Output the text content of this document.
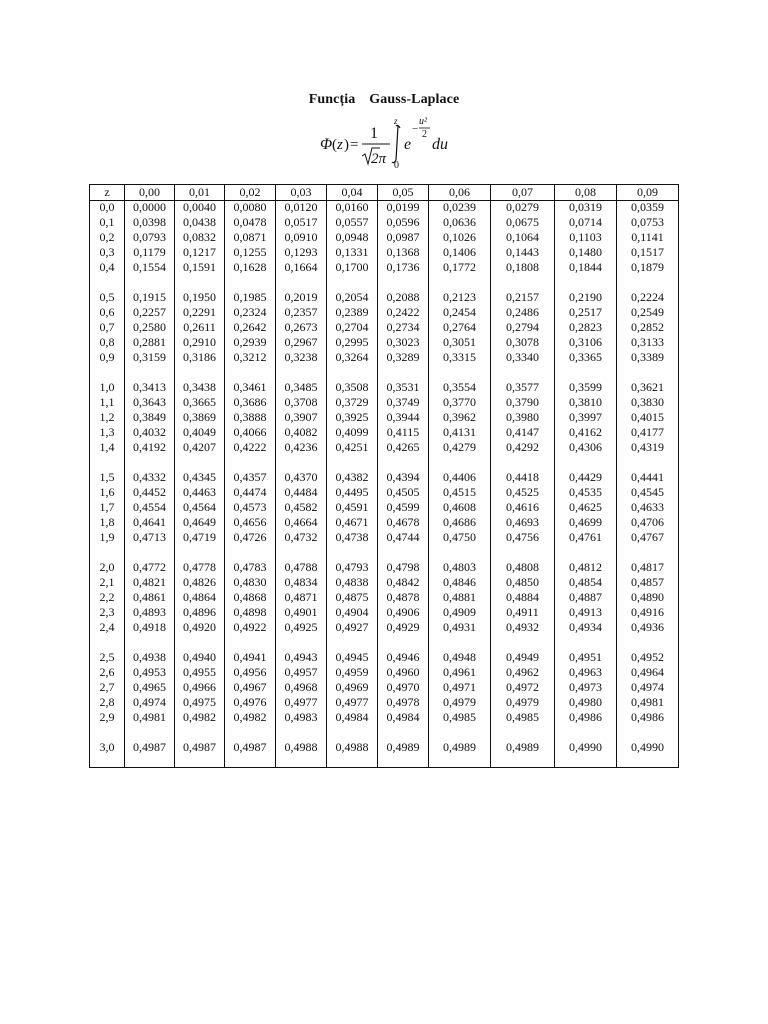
Funcția Gauss-Laplace
Φ ( z ) =
1
2π
z
0
e
−
u²
2
du
z
0,0
0,1
0,2
0,3
0,4
0,5
0,6
0,7
0,8
0,9
1,0
1,1
1,2
1,3
1,4
1,5
1,6
1,7
1,8
1,9
2,0
2,1
2,2
2,3
2,4
2,5
2,6
2,7
2,8
2,9
3,0
0,00
0,0000
0,0398
0,0793
0,1179
0,1554
0,1915
0,2257
0,2580
0,2881
0,3159
0,3413
0,3643
0,3849
0,4032
0,4192
0,4332
0,4452
0,4554
0,4641
0,4713
0,4772
0,4821
0,4861
0,4893
0,4918
0,4938
0,4953
0,4965
0,4974
0,4981
0,4987
0,01
0,0040
0,0438
0,0832
0,1217
0,1591
0,1950
0,2291
0,2611
0,2910
0,3186
0,3438
0,3665
0,3869
0,4049
0,4207
0,4345
0,4463
0,4564
0,4649
0,4719
0,4778
0,4826
0,4864
0,4896
0,4920
0,4940
0,4955
0,4966
0,4975
0,4982
0,4987
0,02
0,0080
0,0478
0,0871
0,1255
0,1628
0,1985
0,2324
0,2642
0,2939
0,3212
0,3461
0,3686
0,3888
0,4066
0,4222
0,4357
0,4474
0,4573
0,4656
0,4726
0,4783
0,4830
0,4868
0,4898
0,4922
0,4941
0,4956
0,4967
0,4976
0,4982
0,4987
0,03
0,0120
0,0517
0,0910
0,1293
0,1664
0,2019
0,2357
0,2673
0,2967
0,3238
0,3485
0,3708
0,3907
0,4082
0,4236
0,4370
0,4484
0,4582
0,4664
0,4732
0,4788
0,4834
0,4871
0,4901
0,4925
0,4943
0,4957
0,4968
0,4977
0,4983
0,4988
0,04
0,0160
0,0557
0,0948
0,1331
0,1700
0,2054
0,2389
0,2704
0,2995
0,3264
0,3508
0,3729
0,3925
0,4099
0,4251
0,4382
0,4495
0,4591
0,4671
0,4738
0,4793
0,4838
0,4875
0,4904
0,4927
0,4945
0,4959
0,4969
0,4977
0,4984
0,4988
0,05
0,0199
0,0596
0,0987
0,1368
0,1736
0,2088
0,2422
0,2734
0,3023
0,3289
0,3531
0,3749
0,3944
0,4115
0,4265
0,4394
0,4505
0,4599
0,4678
0,4744
0,4798
0,4842
0,4878
0,4906
0,4929
0,4946
0,4960
0,4970
0,4978
0,4984
0,4989
0,06
0,0239
0,0636
0,1026
0,1406
0,1772
0,2123
0,2454
0,2764
0,3051
0,3315
0,3554
0,3770
0,3962
0,4131
0,4279
0,4406
0,4515
0,4608
0,4686
0,4750
0,4803
0,4846
0,4881
0,4909
0,4931
0,4948
0,4961
0,4971
0,4979
0,4985
0,4989
0,07
0,0279
0,0675
0,1064
0,1443
0,1808
0,2157
0,2486
0,2794
0,3078
0,3340
0,3577
0,3790
0,3980
0,4147
0,4292
0,4418
0,4525
0,4616
0,4693
0,4756
0,4808
0,4850
0,4884
0,4911
0,4932
0,4949
0,4962
0,4972
0,4979
0,4985
0,4989
0,08
0,0319
0,0714
0,1103
0,1480
0,1844
0,2190
0,2517
0,2823
0,3106
0,3365
0,3599
0,3810
0,3997
0,4162
0,4306
0,4429
0,4535
0,4625
0,4699
0,4761
0,4812
0,4854
0,4887
0,4913
0,4934
0,4951
0,4963
0,4973
0,4980
0,4986
0,4990
0,09
0,0359
0,0753
0,1141
0,1517
0,1879
0,2224
0,2549
0,2852
0,3133
0,3389
0,3621
0,3830
0,4015
0,4177
0,4319
0,4441
0,4545
0,4633
0,4706
0,4767
0,4817
0,4857
0,4890
0,4916
0,4936
0,4952
0,4964
0,4974
0,4981
0,4986
0,4990
